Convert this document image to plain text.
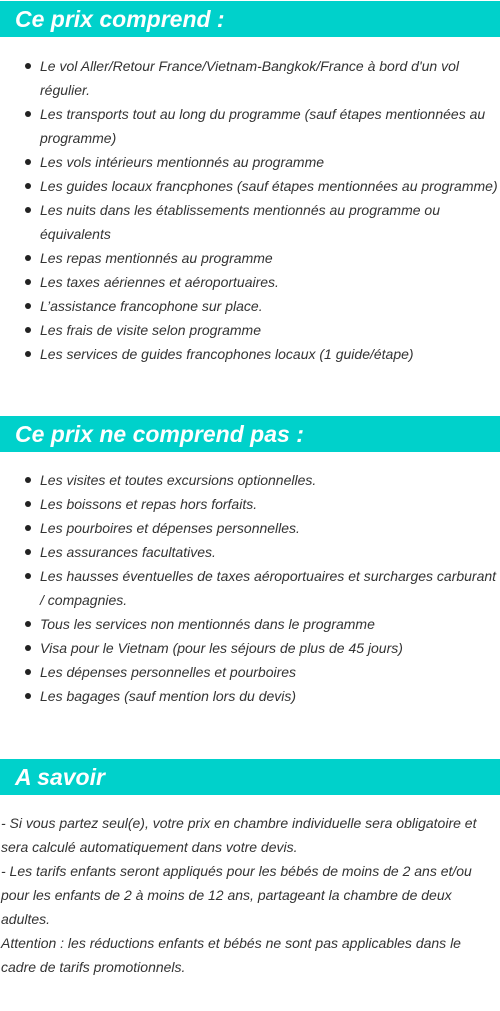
Ce prix comprend :
Le vol Aller/Retour France/Vietnam-Bangkok/France à bord d'un vol régulier.
Les transports tout au long du programme (sauf étapes mentionnées au programme)
Les vols intérieurs mentionnés au programme
Les guides locaux francphones (sauf étapes mentionnées au programme)
Les nuits dans les établissements mentionnés au programme ou équivalents
Les repas mentionnés au programme
Les taxes aériennes et aéroportuaires.
L’assistance francophone sur place.
Les frais de visite selon programme
Les services de guides francophones locaux (1 guide/étape)
Ce prix ne comprend pas :
Les visites et toutes excursions optionnelles.
Les boissons et repas hors forfaits.
Les pourboires et dépenses personnelles.
Les assurances facultatives.
Les hausses éventuelles de taxes aéroportuaires et surcharges carburant / compagnies.
Tous les services non mentionnés dans le programme
Visa pour le Vietnam (pour les séjours de plus de 45 jours)
Les dépenses personnelles et pourboires
Les bagages (sauf mention lors du devis)
A savoir

- Si vous partez seul(e), votre prix en chambre individuelle sera obligatoire et sera calculé automatiquement dans votre devis.

- Les tarifs enfants seront appliqués pour les bébés de moins de 2 ans et/ou pour les enfants de 2 à moins de 12 ans, partageant la chambre de deux adultes.

Attention : les réductions enfants et bébés ne sont pas applicables dans le cadre de tarifs promotionnels.
